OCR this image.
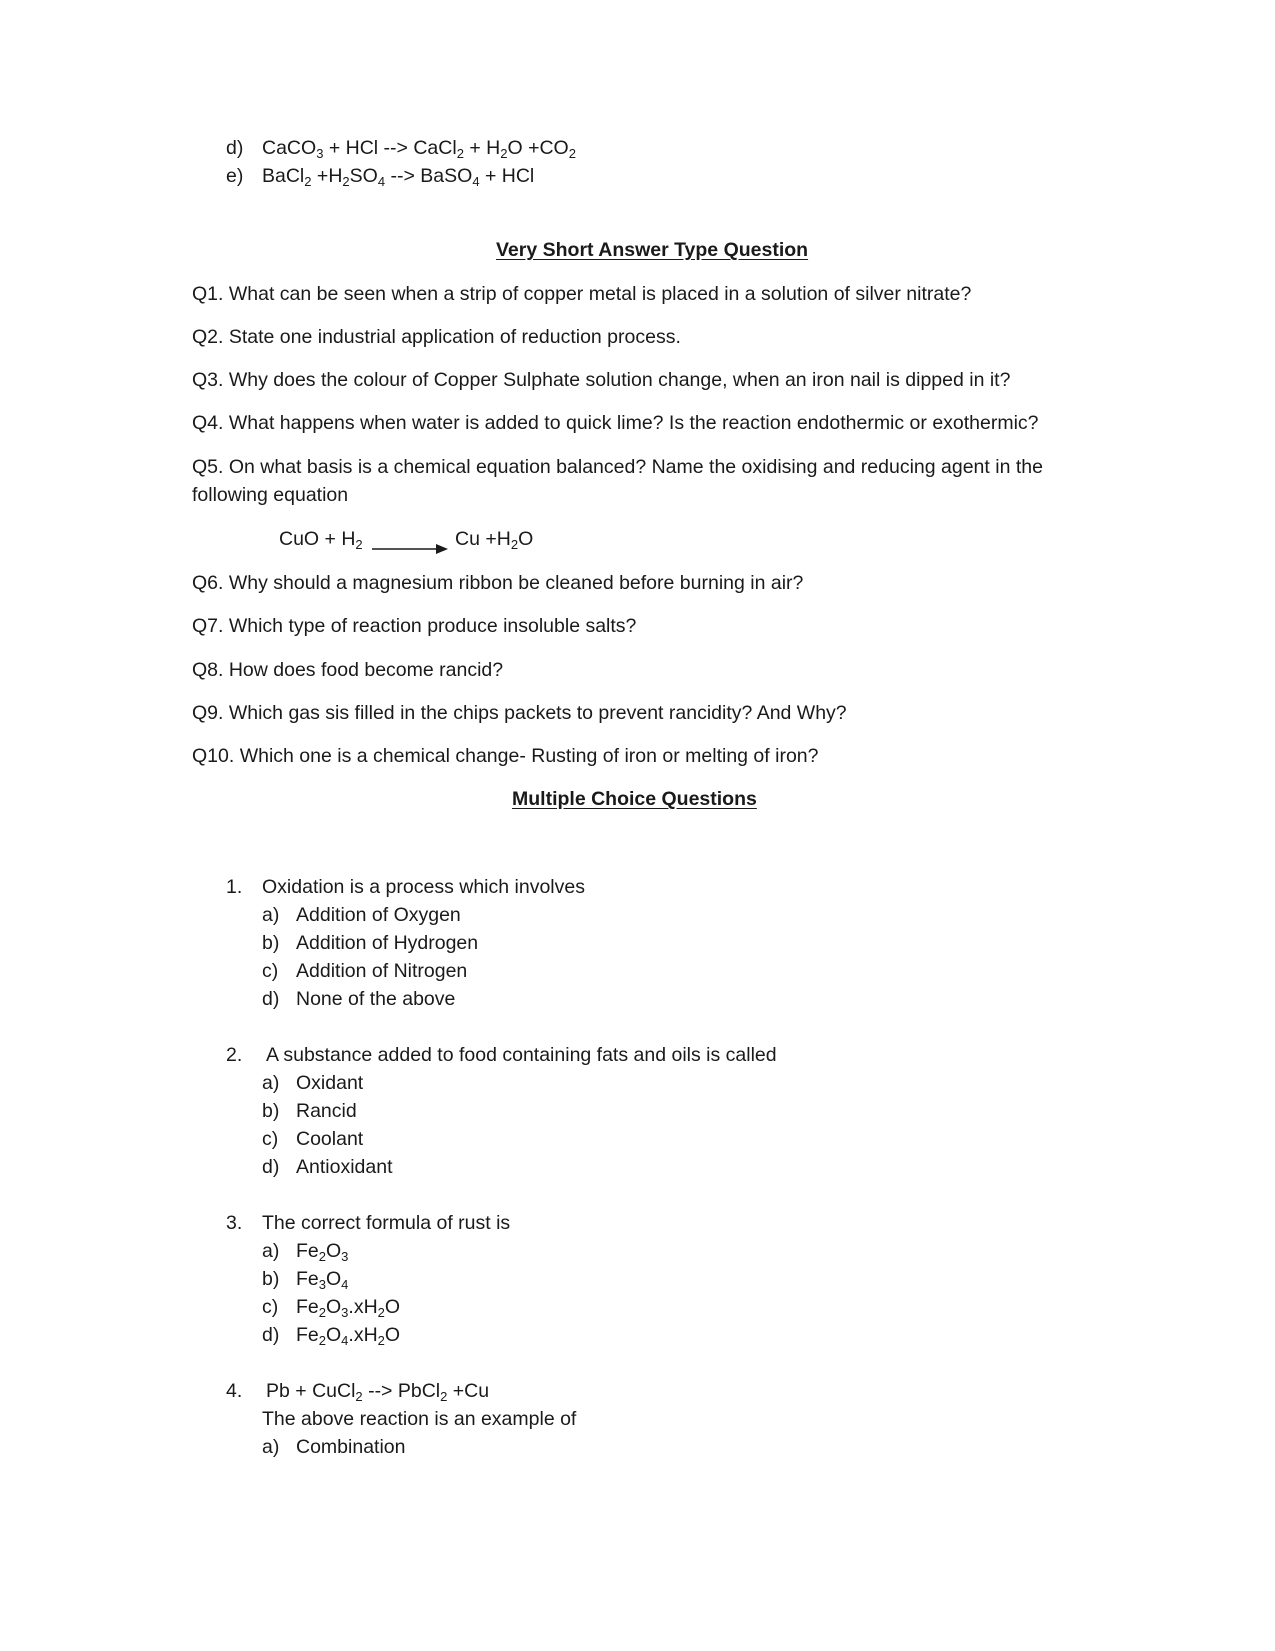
d) CaCO$_3$ + HCl --> CaCl$_2$ + $H_2O +CO_2$
e) BaCl$_2$ $+H_2SO_4$ --> BaSO$_4$ + HCl
Very Short Answer Type Question
Q1. What can be seen when a strip of copper metal is placed in a solution of silver nitrate?
Q2. State one industrial application of reduction process.
Q3. Why does the colour of Copper Sulphate solution change, when an iron nail is dipped in it?
Q4. What happens when water is added to quick lime? Is the reaction endothermic or exothermic?
Q5. On what basis is a chemical equation balanced? Name the oxidising and reducing agent in the
following equation
CuO + $H_2 \to Cu +H_2O$
Q6. Why should a magnesium ribbon be cleaned before burning in air?
Q7. Which type of reaction produce insoluble salts?
Q8. How does food become rancid?
Q9. Which gas sis filled in the chips packets to prevent rancidity? And Why?
Q10. Which one is a chemical change- Rusting of iron or melting of iron?
Multiple Choice Questions
1. Oxidation is a process which involves
a) Addition of Oxygen
b) Addition of Hydrogen
c) Addition of Nitrogen
d) None of the above
2. A substance added to food containing fats and oils is called
a) Oxidant
b) Rancid
c) Coolant
d) Antioxidant
3. The correct formula of rust is
a) $Fe_2O_3$
b) $Fe_3O_4$
c) $Fe_2O_3.xH_2O$
d) $Fe_2O_4.xH_2O$
4. Pb + CuCl$_2$ --> PbCl$_2$ +Cu
The above reaction is an example of
a) Combination
